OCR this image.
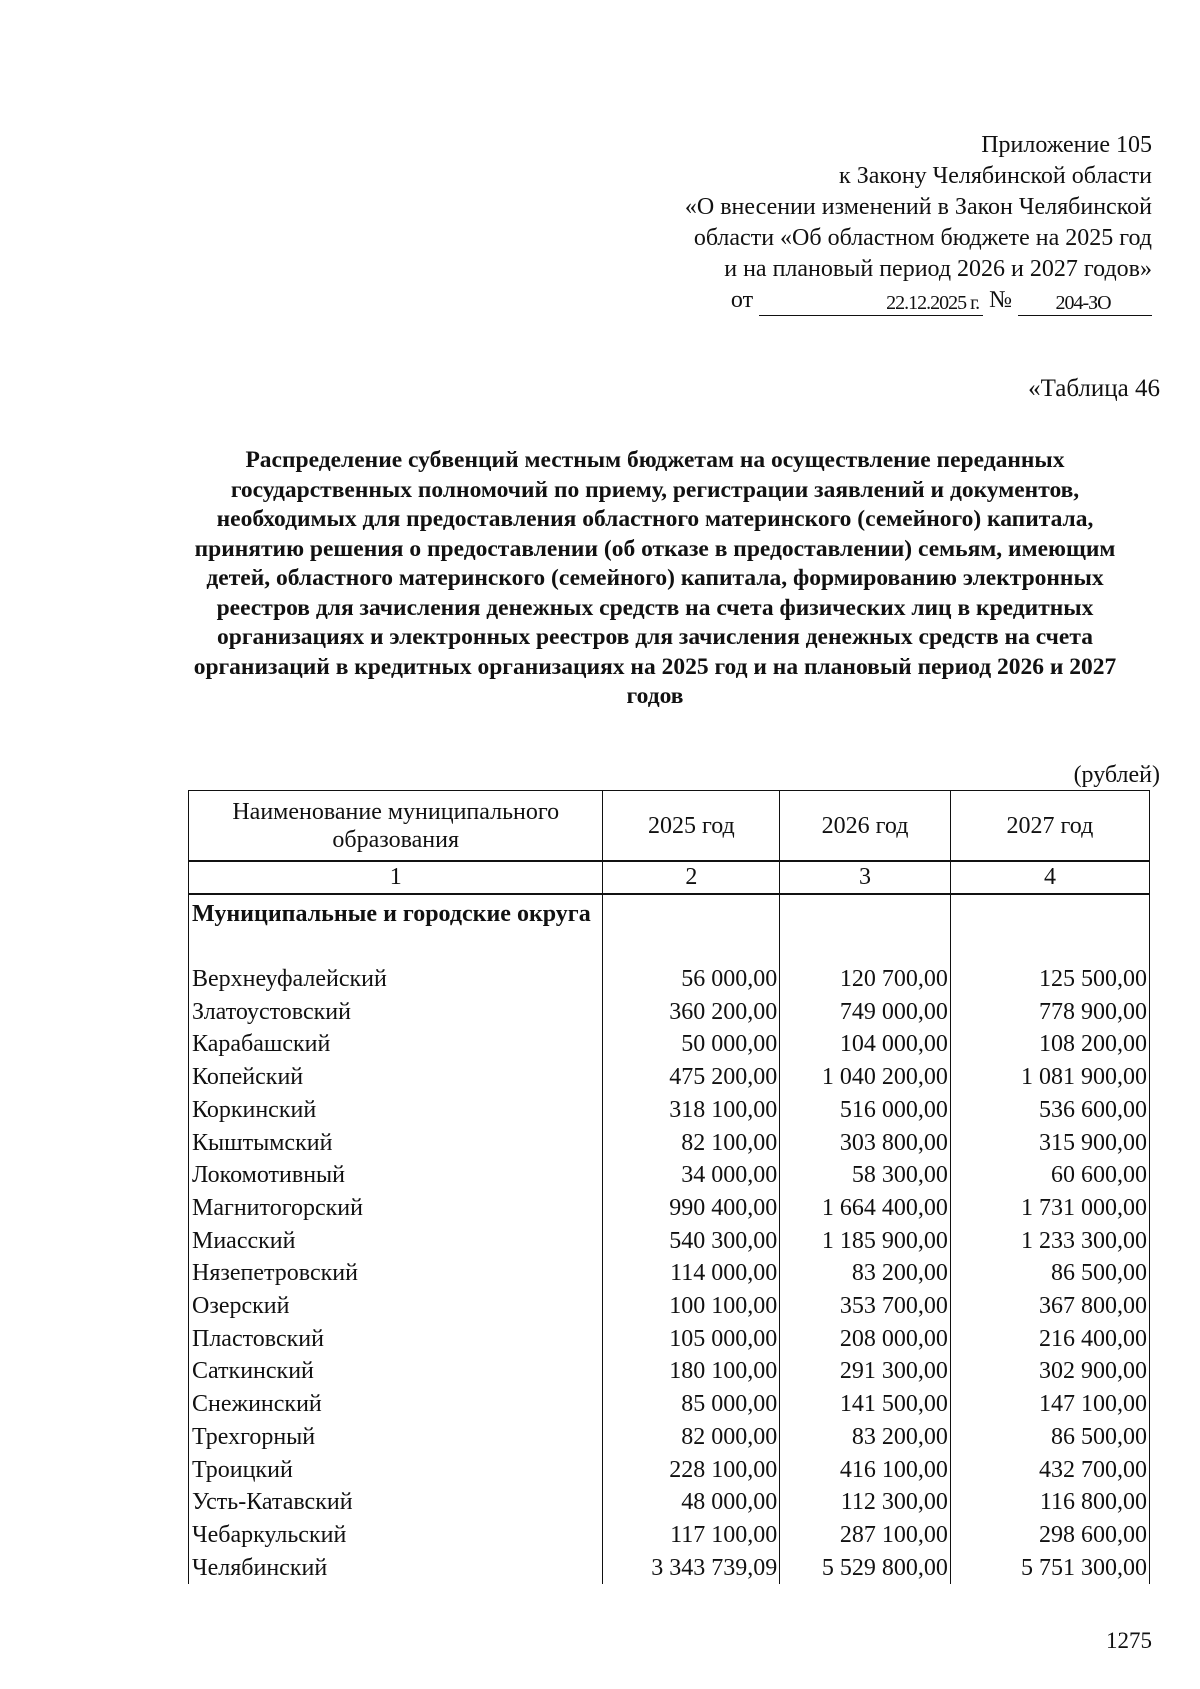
Приложение 105
к Закону Челябинской области
«О внесении изменений в Закон Челябинской
области «Об областном бюджете на 2025 год
и на плановый период 2026 и 2027 годов»
от	22.12.2025 г. №	204-ЗО
«Таблица 46
Распределение субвенций местным бюджетам на осуществление переданных государственных полномочий по приему, регистрации заявлений и документов, необходимых для предоставления областного материнского (семейного) капитала, принятию решения о предоставлении (об отказе в предоставлении) семьям, имеющим детей, областного материнского (семейного) капитала, формированию электронных реестров для зачисления денежных средств на счета физических лиц в кредитных организациях и электронных реестров для зачисления денежных средств на счета организаций в кредитных организациях на 2025 год и на плановый период 2026 и 2027 годов
(рублей)
Наименование муниципального образования	2025 год	2026 год	2027 год
1	2	3	4
Муниципальные и городские округа			
Верхнеуфалейский	56 000,00	120 700,00	125 500,00
Златоустовский	360 200,00	749 000,00	778 900,00
Карабашский	50 000,00	104 000,00	108 200,00
Копейский	475 200,00	1 040 200,00	1 081 900,00
Коркинский	318 100,00	516 000,00	536 600,00
Кыштымский	82 100,00	303 800,00	315 900,00
Локомотивный	34 000,00	58 300,00	60 600,00
Магнитогорский	990 400,00	1 664 400,00	1 731 000,00
Миасский	540 300,00	1 185 900,00	1 233 300,00
Нязепетровский	114 000,00	83 200,00	86 500,00
Озерский	100 100,00	353 700,00	367 800,00
Пластовский	105 000,00	208 000,00	216 400,00
Саткинский	180 100,00	291 300,00	302 900,00
Снежинский	85 000,00	141 500,00	147 100,00
Трехгорный	82 000,00	83 200,00	86 500,00
Троицкий	228 100,00	416 100,00	432 700,00
Усть-Катавский	48 000,00	112 300,00	116 800,00
Чебаркульский	117 100,00	287 100,00	298 600,00
Челябинский	3 343 739,09	5 529 800,00	5 751 300,00
1275
